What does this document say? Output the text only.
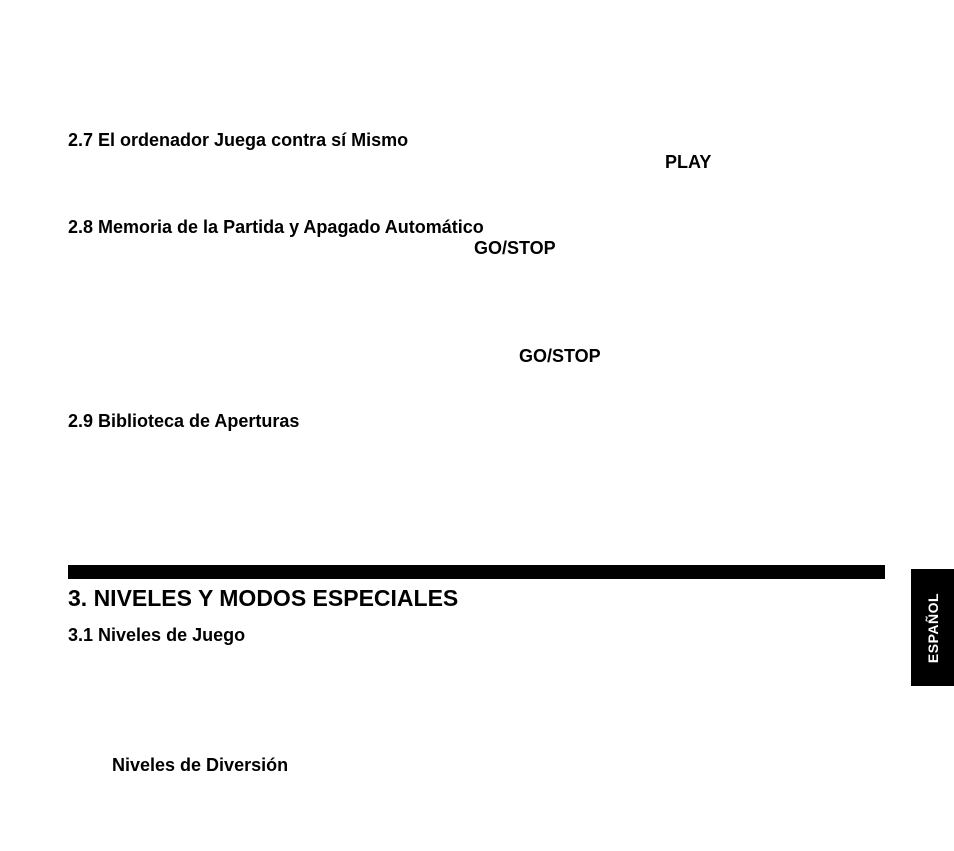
2.7 El ordenador Juega contra sí Mismo
PLAY
2.8 Memoria de la Partida y Apagado Automático
GO/STOP
GO/STOP
2.9 Biblioteca de Aperturas
3. NIVELES Y MODOS ESPECIALES
3.1 Niveles de Juego
Niveles de Diversión
ESPAÑOL
